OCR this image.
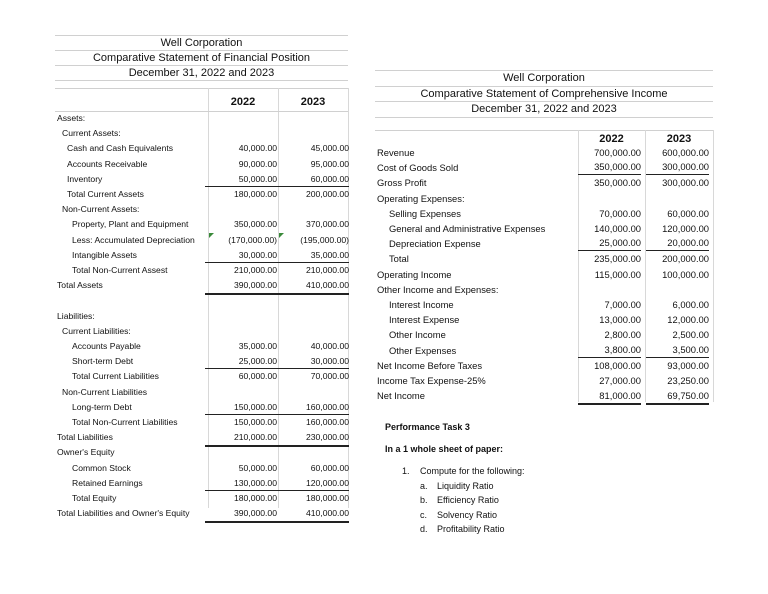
Well Corporation
Comparative Statement of Financial Position
December 31, 2022 and 2023
2022	2023
Assets:
Current Assets:
Cash and Cash Equivalents	40,000.00	45,000.00
Accounts Receivable	90,000.00	95,000.00
Inventory	50,000.00	60,000.00
Total Current Assets	180,000.00	200,000.00
Non-Current Assets:
Property, Plant and Equipment	350,000.00	370,000.00
Less: Accumulated Depreciation	(170,000.00)	(195,000.00)
Intangible Assets	30,000.00	35,000.00
Total Non-Current Assest	210,000.00	210,000.00
Total Assets	390,000.00	410,000.00
Liabilities:
Current Liabilities:
Accounts Payable	35,000.00	40,000.00
Short-term Debt	25,000.00	30,000.00
Total Current Liabilities	60,000.00	70,000.00
Non-Current Liabilities
Long-term Debt	150,000.00	160,000.00
Total Non-Current Liabilities	150,000.00	160,000.00
Total Liabilities	210,000.00	230,000.00
Owner's Equity
Common Stock	50,000.00	60,000.00
Retained Earnings	130,000.00	120,000.00
Total Equity	180,000.00	180,000.00
Total Liabilities and Owner's Equity	390,000.00	410,000.00
Well Corporation
Comparative Statement of Comprehensive Income
December 31, 2022 and 2023
2022	2023
Revenue	700,000.00	600,000.00
Cost of Goods Sold	350,000.00	300,000.00
Gross Profit	350,000.00	300,000.00
Operating Expenses:
Selling Expenses	70,000.00	60,000.00
General and Administrative Expenses	140,000.00	120,000.00
Depreciation Expense	25,000.00	20,000.00
Total	235,000.00	200,000.00
Operating Income	115,000.00	100,000.00
Other Income and Expenses:
Interest Income	7,000.00	6,000.00
Interest Expense	13,000.00	12,000.00
Other Income	2,800.00	2,500.00
Other Expenses	3,800.00	3,500.00
Net Income Before Taxes	108,000.00	93,000.00
Income Tax Expense-25%	27,000.00	23,250.00
Net Income	81,000.00	69,750.00
Performance Task 3
In a 1 whole sheet of paper:
1. Compute for the following:
a. Liquidity Ratio
b. Efficiency Ratio
c. Solvency Ratio
d. Profitability Ratio
